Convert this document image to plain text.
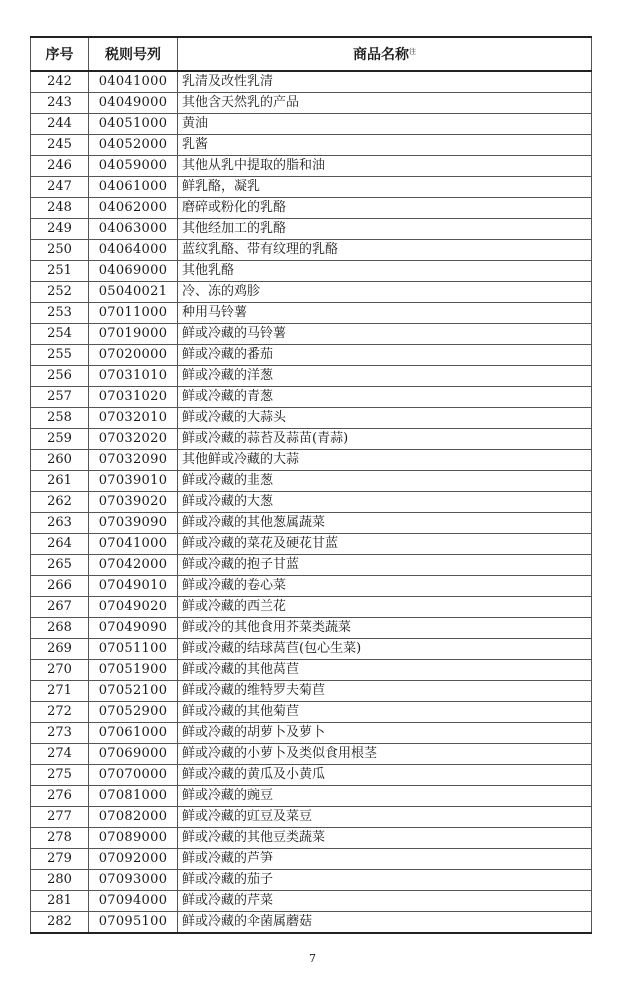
序号	税则号列	商品名称$^注$
242	04041000	乳清及改性乳清
243	04049000	其他含天然乳的产品
244	04051000	黄油
245	04052000	乳酱
246	04059000	其他从乳中提取的脂和油
247	04061000	鲜乳酪，凝乳
248	04062000	磨碎或粉化的乳酪
249	04063000	其他经加工的乳酪
250	04064000	蓝纹乳酪、带有纹理的乳酪
251	04069000	其他乳酪
252	05040021	冷、冻的鸡胗
253	07011000	种用马铃薯
254	07019000	鲜或冷藏的马铃薯
255	07020000	鲜或冷藏的番茄
256	07031010	鲜或冷藏的洋葱
257	07031020	鲜或冷藏的青葱
258	07032010	鲜或冷藏的大蒜头
259	07032020	鲜或冷藏的蒜苔及蒜苗(青蒜)
260	07032090	其他鲜或冷藏的大蒜
261	07039010	鲜或冷藏的韭葱
262	07039020	鲜或冷藏的大葱
263	07039090	鲜或冷藏的其他葱属蔬菜
264	07041000	鲜或冷藏的菜花及硬花甘蓝
265	07042000	鲜或冷藏的抱子甘蓝
266	07049010	鲜或冷藏的卷心菜
267	07049020	鲜或冷藏的西兰花
268	07049090	鲜或冷的其他食用芥菜类蔬菜
269	07051100	鲜或冷藏的结球莴苣(包心生菜)
270	07051900	鲜或冷藏的其他莴苣
271	07052100	鲜或冷藏的维特罗夫菊苣
272	07052900	鲜或冷藏的其他菊苣
273	07061000	鲜或冷藏的胡萝卜及萝卜
274	07069000	鲜或冷藏的小萝卜及类似食用根茎
275	07070000	鲜或冷藏的黄瓜及小黄瓜
276	07081000	鲜或冷藏的豌豆
277	07082000	鲜或冷藏的豇豆及菜豆
278	07089000	鲜或冷藏的其他豆类蔬菜
279	07092000	鲜或冷藏的芦笋
280	07093000	鲜或冷藏的茄子
281	07094000	鲜或冷藏的芹菜
282	07095100	鲜或冷藏的伞菌属蘑菇
7
